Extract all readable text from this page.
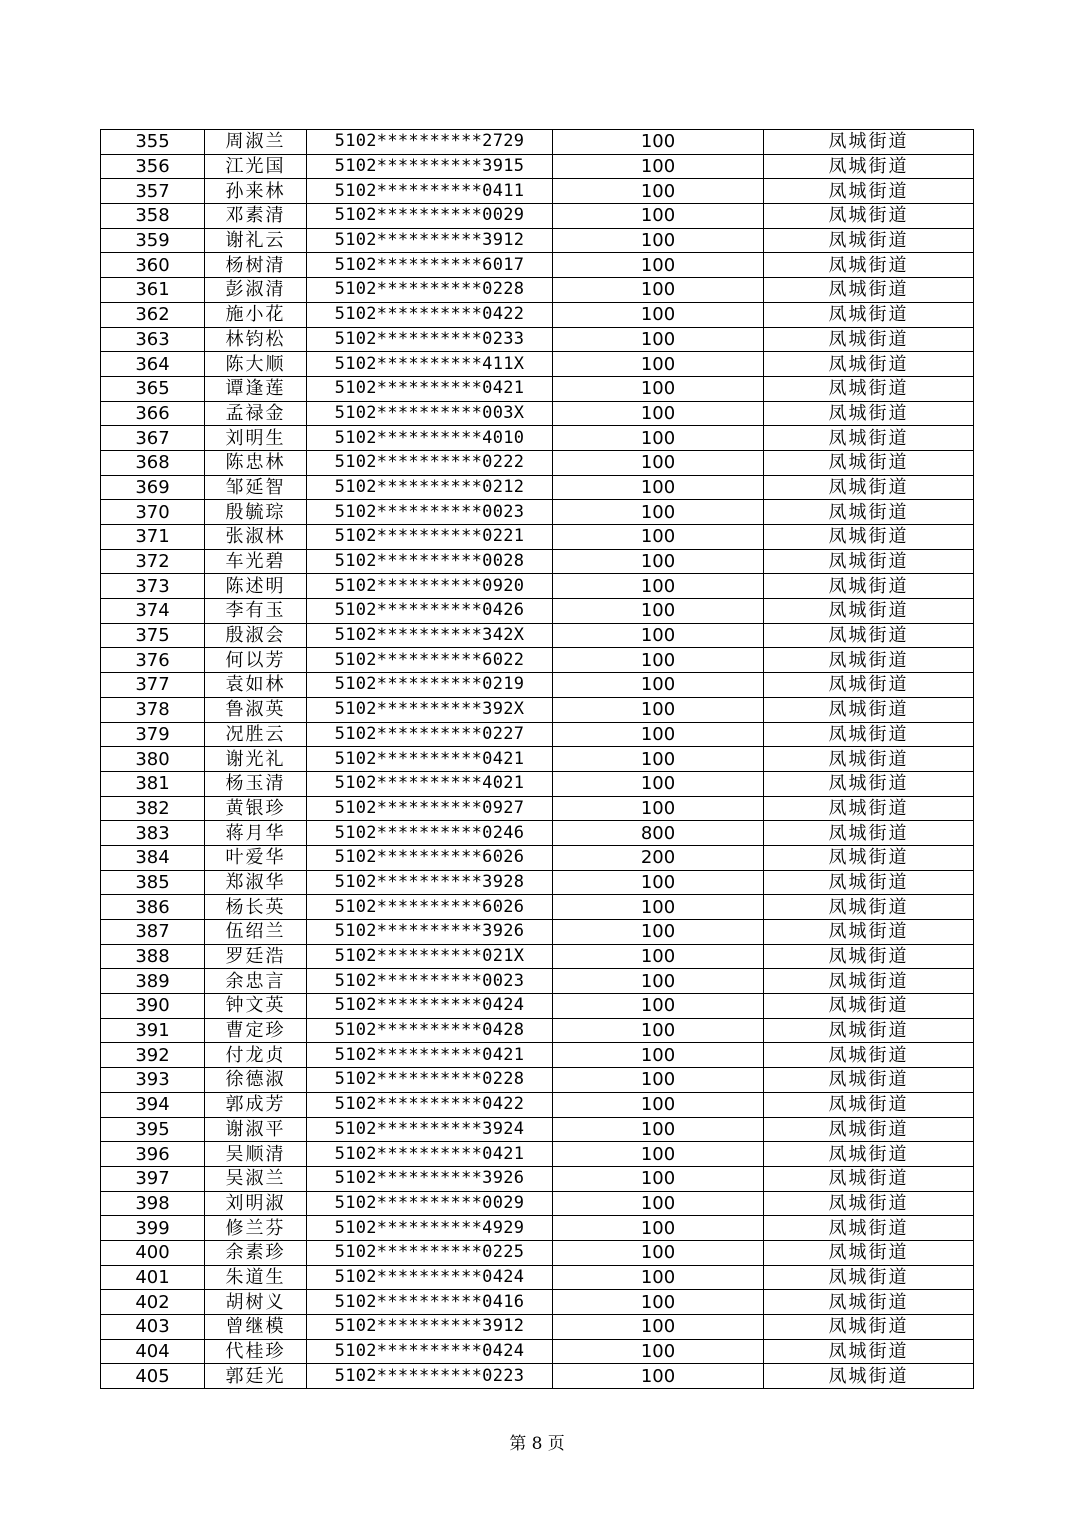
355	周淑兰	5102**********2729	100	凤城街道
356	江光国	5102**********3915	100	凤城街道
357	孙来林	5102**********0411	100	凤城街道
358	邓素清	5102**********0029	100	凤城街道
359	谢礼云	5102**********3912	100	凤城街道
360	杨树清	5102**********6017	100	凤城街道
361	彭淑清	5102**********0228	100	凤城街道
362	施小花	5102**********0422	100	凤城街道
363	林钧松	5102**********0233	100	凤城街道
364	陈大顺	5102**********411X	100	凤城街道
365	谭逢莲	5102**********0421	100	凤城街道
366	孟禄金	5102**********003X	100	凤城街道
367	刘明生	5102**********4010	100	凤城街道
368	陈忠林	5102**********0222	100	凤城街道
369	邹延智	5102**********0212	100	凤城街道
370	殷毓琮	5102**********0023	100	凤城街道
371	张淑林	5102**********0221	100	凤城街道
372	车光碧	5102**********0028	100	凤城街道
373	陈述明	5102**********0920	100	凤城街道
374	李有玉	5102**********0426	100	凤城街道
375	殷淑会	5102**********342X	100	凤城街道
376	何以芳	5102**********6022	100	凤城街道
377	袁如林	5102**********0219	100	凤城街道
378	鲁淑英	5102**********392X	100	凤城街道
379	况胜云	5102**********0227	100	凤城街道
380	谢光礼	5102**********0421	100	凤城街道
381	杨玉清	5102**********4021	100	凤城街道
382	黄银珍	5102**********0927	100	凤城街道
383	蒋月华	5102**********0246	800	凤城街道
384	叶爱华	5102**********6026	200	凤城街道
385	郑淑华	5102**********3928	100	凤城街道
386	杨长英	5102**********6026	100	凤城街道
387	伍绍兰	5102**********3926	100	凤城街道
388	罗廷浩	5102**********021X	100	凤城街道
389	余忠言	5102**********0023	100	凤城街道
390	钟文英	5102**********0424	100	凤城街道
391	曹定珍	5102**********0428	100	凤城街道
392	付龙贞	5102**********0421	100	凤城街道
393	徐德淑	5102**********0228	100	凤城街道
394	郭成芳	5102**********0422	100	凤城街道
395	谢淑平	5102**********3924	100	凤城街道
396	吴顺清	5102**********0421	100	凤城街道
397	吴淑兰	5102**********3926	100	凤城街道
398	刘明淑	5102**********0029	100	凤城街道
399	修兰芬	5102**********4929	100	凤城街道
400	余素珍	5102**********0225	100	凤城街道
401	朱道生	5102**********0424	100	凤城街道
402	胡树义	5102**********0416	100	凤城街道
403	曾继模	5102**********3912	100	凤城街道
404	代桂珍	5102**********0424	100	凤城街道
405	郭廷光	5102**********0223	100	凤城街道
第 8 页
